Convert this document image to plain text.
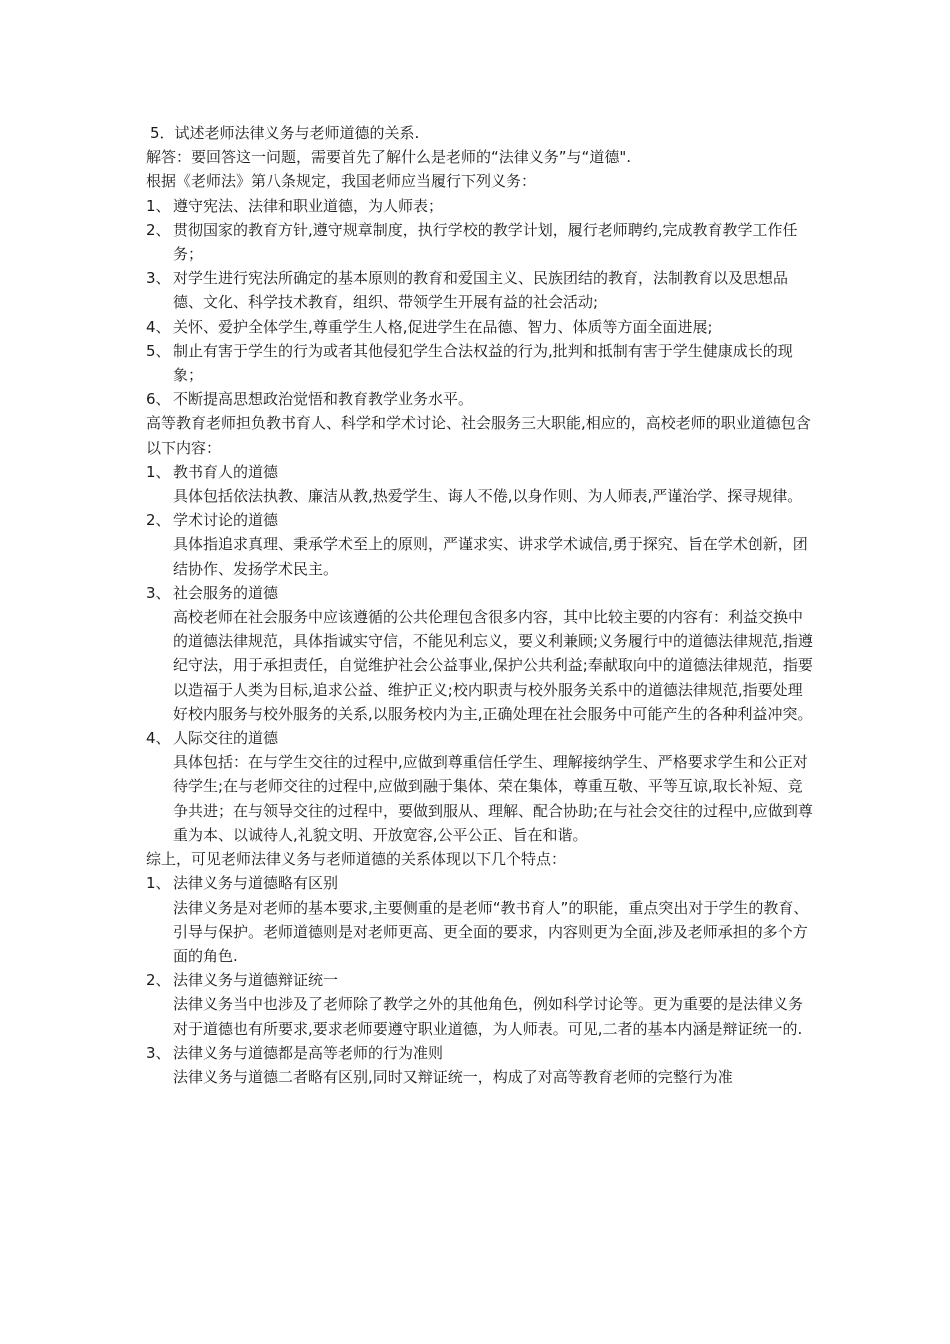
5．试述老师法律义务与老师道德的关系.

解答：要回答这一问题，需要首先了解什么是老师的“法律义务”与“道德".

根据《老师法》第八条规定，我国老师应当履行下列义务：

1、 遵守宪法、法律和职业道德，为人师表；
2、 贯彻国家的教育方针,遵守规章制度，执行学校的教学计划，履行老师聘约,完成教育教学工作任务；
3、 对学生进行宪法所确定的基本原则的教育和爱国主义、民族团结的教育，法制教育以及思想品德、文化、科学技术教育，组织、带领学生开展有益的社会活动;
4、 关怀、爱护全体学生,尊重学生人格,促进学生在品德、智力、体质等方面全面进展;
5、 制止有害于学生的行为或者其他侵犯学生合法权益的行为,批判和抵制有害于学生健康成长的现象；
6、 不断提高思想政治觉悟和教育教学业务水平。

高等教育老师担负教书育人、科学和学术讨论、社会服务三大职能,相应的，高校老师的职业道德包含以下内容：

1、 教书育人的道德

具体包括依法执教、廉洁从教,热爱学生、诲人不倦,以身作则、为人师表,严谨治学、探寻规律。

2、 学术讨论的道德

具体指追求真理、秉承学术至上的原则，严谨求实、讲求学术诚信,勇于探究、旨在学术创新，团结协作、发扬学术民主。

3、 社会服务的道德

高校老师在社会服务中应该遵循的公共伦理包含很多内容，其中比较主要的内容有：利益交换中的道德法律规范，具体指诚实守信，不能见利忘义，要义利兼顾;义务履行中的道德法律规范,指遵纪守法，用于承担责任，自觉维护社会公益事业,保护公共利益;奉献取向中的道德法律规范，指要以造福于人类为目标,追求公益、维护正义;校内职责与校外服务关系中的道德法律规范,指要处理好校内服务与校外服务的关系,以服务校内为主,正确处理在社会服务中可能产生的各种利益冲突。

4、 人际交往的道德

具体包括：在与学生交往的过程中,应做到尊重信任学生、理解接纳学生、严格要求学生和公正对待学生;在与老师交往的过程中,应做到融于集体、荣在集体，尊重互敬、平等互谅,取长补短、竞争共进；在与领导交往的过程中，要做到服从、理解、配合协助;在与社会交往的过程中,应做到尊重为本、以诚待人,礼貌文明、开放宽容,公平公正、旨在和谐。

综上，可见老师法律义务与老师道德的关系体现以下几个特点：

1、 法律义务与道德略有区别

法律义务是对老师的基本要求,主要侧重的是老师“教书育人”的职能，重点突出对于学生的教育、引导与保护。老师道德则是对老师更高、更全面的要求，内容则更为全面,涉及老师承担的多个方面的角色.

2、 法律义务与道德辩证统一

法律义务当中也涉及了老师除了教学之外的其他角色，例如科学讨论等。更为重要的是法律义务对于道德也有所要求,要求老师要遵守职业道德，为人师表。可见,二者的基本内涵是辩证统一的.

3、 法律义务与道德都是高等老师的行为准则

法律义务与道德二者略有区别,同时又辩证统一，构成了对高等教育老师的完整行为准
